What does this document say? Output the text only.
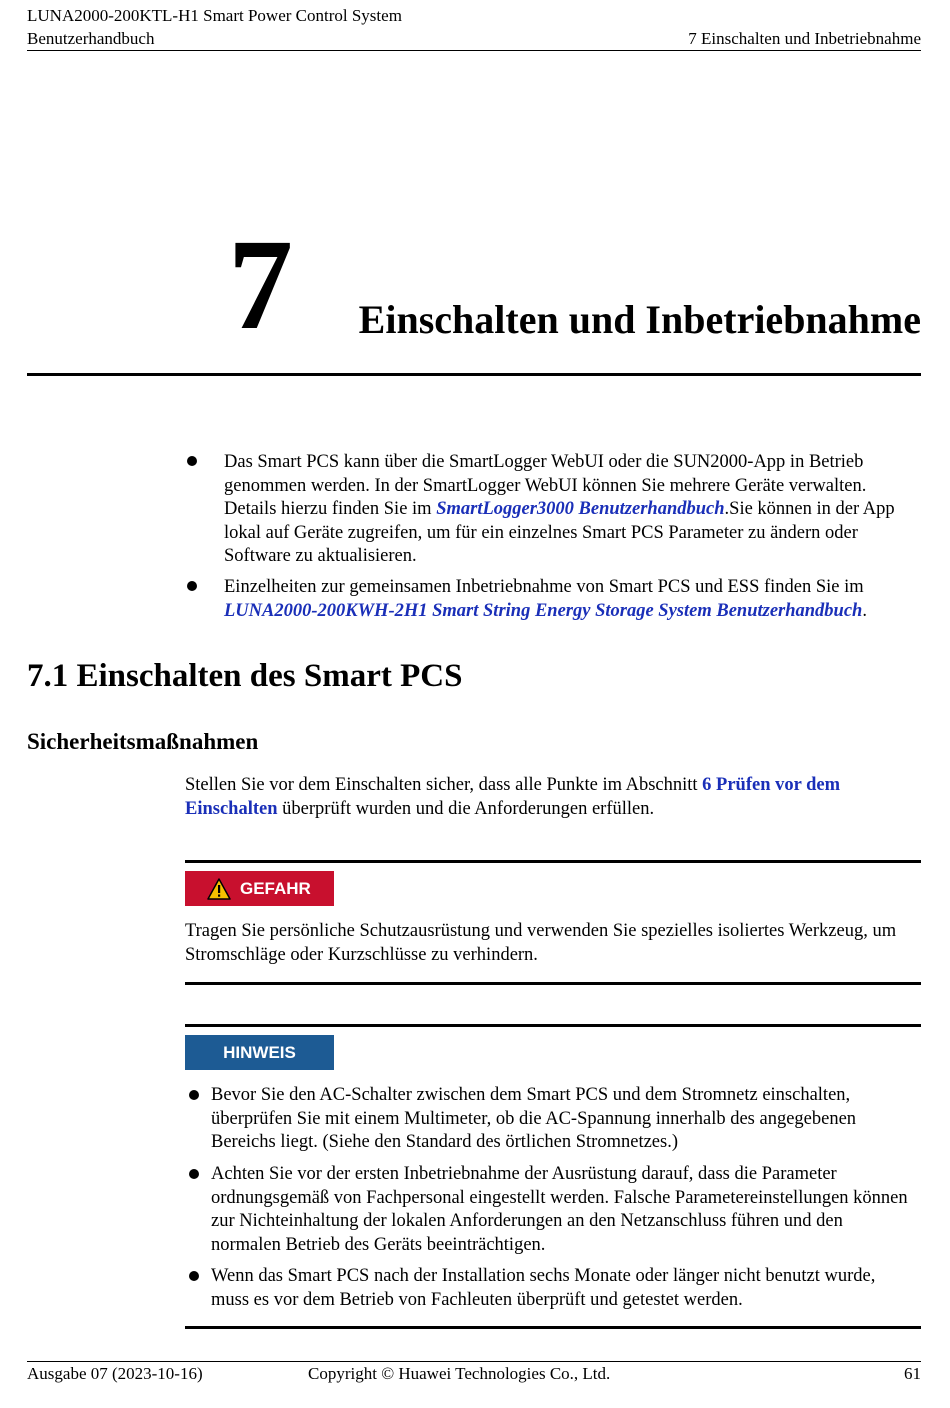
LUNA2000-200KTL-H1 Smart Power Control System
Benutzerhandbuch	7 Einschalten und Inbetriebnahme
7 Einschalten und Inbetriebnahme
Das Smart PCS kann über die SmartLogger WebUI oder die SUN2000-App in Betrieb genommen werden. In der SmartLogger WebUI können Sie mehrere Geräte verwalten. Details hierzu finden Sie im SmartLogger3000 Benutzerhandbuch.Sie können in der App lokal auf Geräte zugreifen, um für ein einzelnes Smart PCS Parameter zu ändern oder Software zu aktualisieren.
Einzelheiten zur gemeinsamen Inbetriebnahme von Smart PCS und ESS finden Sie im LUNA2000-200KWH-2H1 Smart String Energy Storage System Benutzerhandbuch.
7.1 Einschalten des Smart PCS
Sicherheitsmaßnahmen
Stellen Sie vor dem Einschalten sicher, dass alle Punkte im Abschnitt 6 Prüfen vor dem Einschalten überprüft wurden und die Anforderungen erfüllen.
GEFAHR
Tragen Sie persönliche Schutzausrüstung und verwenden Sie spezielles isoliertes Werkzeug, um Stromschläge oder Kurzschlüsse zu verhindern.
HINWEIS
Bevor Sie den AC-Schalter zwischen dem Smart PCS und dem Stromnetz einschalten, überprüfen Sie mit einem Multimeter, ob die AC-Spannung innerhalb des angegebenen Bereichs liegt. (Siehe den Standard des örtlichen Stromnetzes.)
Achten Sie vor der ersten Inbetriebnahme der Ausrüstung darauf, dass die Parameter ordnungsgemäß von Fachpersonal eingestellt werden. Falsche Parametereinstellungen können zur Nichteinhaltung der lokalen Anforderungen an den Netzanschluss führen und den normalen Betrieb des Geräts beeinträchtigen.
Wenn das Smart PCS nach der Installation sechs Monate oder länger nicht benutzt wurde, muss es vor dem Betrieb von Fachleuten überprüft und getestet werden.
Ausgabe 07 (2023-10-16)	Copyright © Huawei Technologies Co., Ltd.	61
